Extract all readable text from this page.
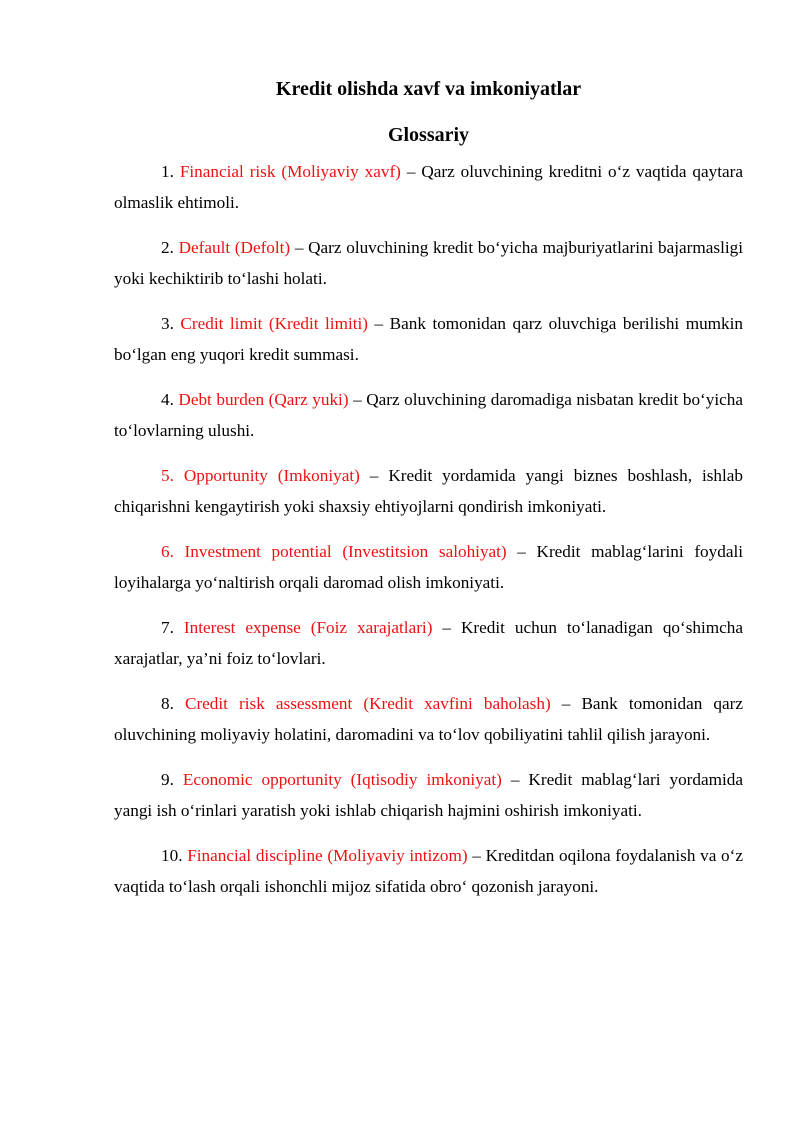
Kredit olishda xavf va imkoniyatlar
Glossariy

1. Financial risk (Moliyaviy xavf) – Qarz oluvchining kreditni o‘z vaqtida qaytara olmaslik ehtimoli.

2. Default (Defolt) – Qarz oluvchining kredit bo‘yicha majburiyatlarini bajarmasligi yoki kechiktirib to‘lashi holati.

3. Credit limit (Kredit limiti) – Bank tomonidan qarz oluvchiga berilishi mumkin bo‘lgan eng yuqori kredit summasi.

4. Debt burden (Qarz yuki) – Qarz oluvchining daromadiga nisbatan kredit bo‘yicha to‘lovlarning ulushi.

5. Opportunity (Imkoniyat) – Kredit yordamida yangi biznes boshlash, ishlab chiqarishni kengaytirish yoki shaxsiy ehtiyojlarni qondirish imkoniyati.

6. Investment potential (Investitsion salohiyat) – Kredit mablag‘larini foydali loyihalarga yo‘naltirish orqali daromad olish imkoniyati.

7. Interest expense (Foiz xarajatlari) – Kredit uchun to‘lanadigan qo‘shimcha xarajatlar, ya’ni foiz to‘lovlari.

8. Credit risk assessment (Kredit xavfini baholash) – Bank tomonidan qarz oluvchining moliyaviy holatini, daromadini va to‘lov qobiliyatini tahlil qilish jarayoni.

9. Economic opportunity (Iqtisodiy imkoniyat) – Kredit mablag‘lari yordamida yangi ish o‘rinlari yaratish yoki ishlab chiqarish hajmini oshirish imkoniyati.

10. Financial discipline (Moliyaviy intizom) – Kreditdan oqilona foydalanish va o‘z vaqtida to‘lash orqali ishonchli mijoz sifatida obro‘ qozonish jarayoni.
